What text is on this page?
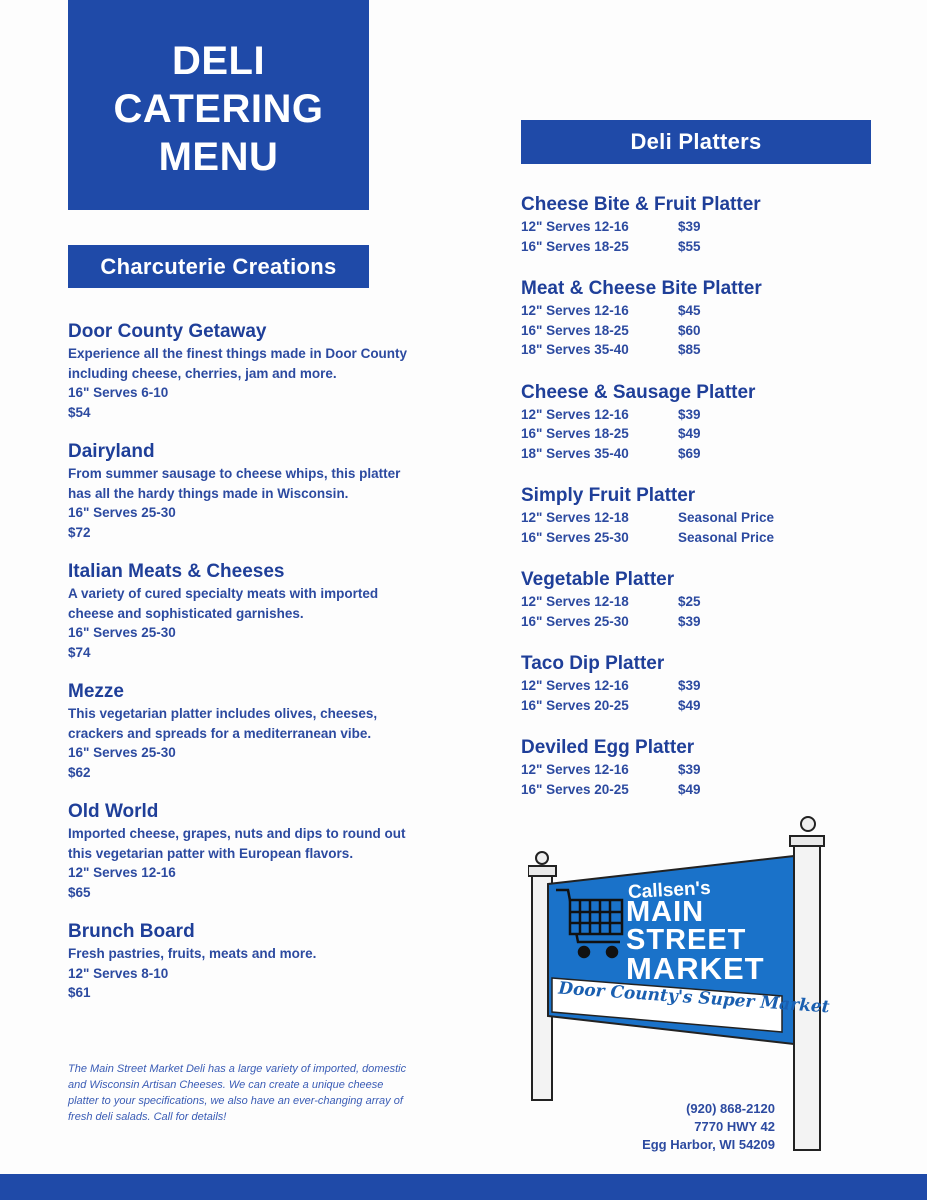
DELI
CATERING
MENU
Charcuterie Creations
Deli Platters
Door County Getaway

Experience all the finest things made in Door County including cheese, cherries, jam and more.

16" Serves 6-10

$54

Dairyland

From summer sausage to cheese whips, this platter has all the hardy things made in Wisconsin.

16" Serves 25-30

$72

Italian Meats & Cheeses

A variety of cured specialty meats with imported cheese and sophisticated garnishes.

16" Serves 25-30

$74

Mezze

This vegetarian platter includes olives, cheeses, crackers and spreads for a mediterranean vibe.

16" Serves 25-30

$62

Old World

Imported cheese, grapes, nuts and dips to round out this vegetarian patter with European flavors.

12" Serves 12-16

$65

Brunch Board

Fresh pastries, fruits, meats and more.

12" Serves 8-10

$61

The Main Street Market Deli has a large variety of imported, domestic and Wisconsin Artisan Cheeses. We can create a unique cheese platter to your specifications, we also have an ever-changing array of fresh deli salads. Call for details!

Cheese Bite & Fruit Platter
12" Serves 12-16	$39
16" Serves 18-25	$55
Meat & Cheese Bite Platter
12" Serves 12-16	$45
16" Serves 18-25	$60
18" Serves 35-40	$85
Cheese & Sausage Platter
12" Serves 12-16	$39
16" Serves 18-25	$49
18" Serves 35-40	$69
Simply Fruit Platter
12" Serves 12-18	Seasonal Price
16" Serves 25-30	Seasonal Price
Vegetable Platter
12" Serves 12-18	$25
16" Serves 25-30	$39
Taco Dip Platter
12" Serves 12-16	$39
16" Serves 20-25	$49
Deviled Egg Platter
12" Serves 12-16	$39
16" Serves 20-25	$49
Callsen's
MAIN
STREET
MARKET
Door County's Super Market
(920) 868-2120
7770 HWY 42
Egg Harbor, WI 54209
